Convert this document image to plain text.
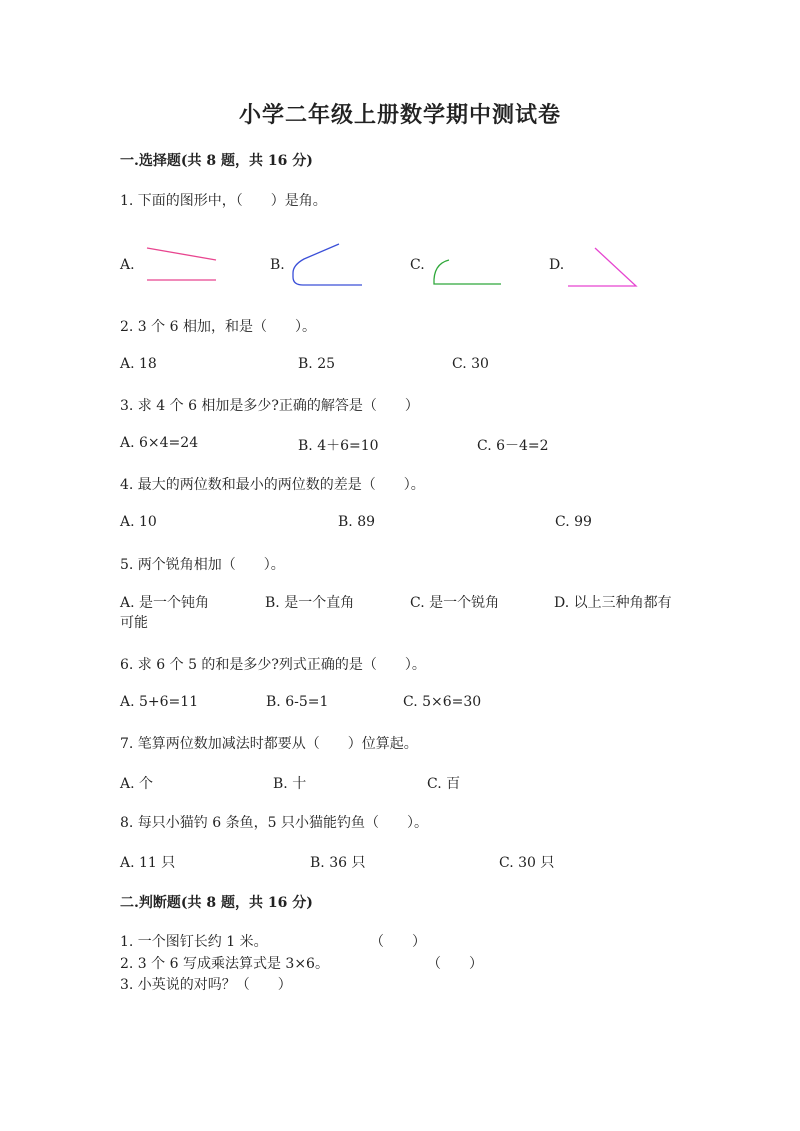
小学二年级上册数学期中测试卷
一.选择题(共 8 题，共 16 分)

1. 下面的图形中，（　　）是角。

A.	B.	C.	D.

2. 3 个 6 相加，和是（　　）。

A. 18	B. 25	C. 30

3. 求 4 个 6 相加是多少?正确的解答是（　　）

A. 6×4=24	B. 4＋6=10	C. 6－4=2

4. 最大的两位数和最小的两位数的差是（　　）。

A. 10	B. 89	C. 99

5. 两个锐角相加（　　）。

A. 是一个钝角	B. 是一个直角	C. 是一个锐角	D. 以上三种角都有可能

6. 求 6 个 5 的和是多少?列式正确的是（　　）。

A. 5+6=11	B. 6-5=1	C. 5×6=30

7. 笔算两位数加减法时都要从（　　）位算起。

A. 个	B. 十	C. 百

8. 每只小猫钓 6 条鱼，5 只小猫能钓鱼（　　）。

A. 11 只	B. 36 只	C. 30 只
二.判断题(共 8 题，共 16 分)

1. 一个图钉长约 1 米。	（　　）

2. 3 个 6 写成乘法算式是 3×6。	（　　）

3. 小英说的对吗？（　　）
